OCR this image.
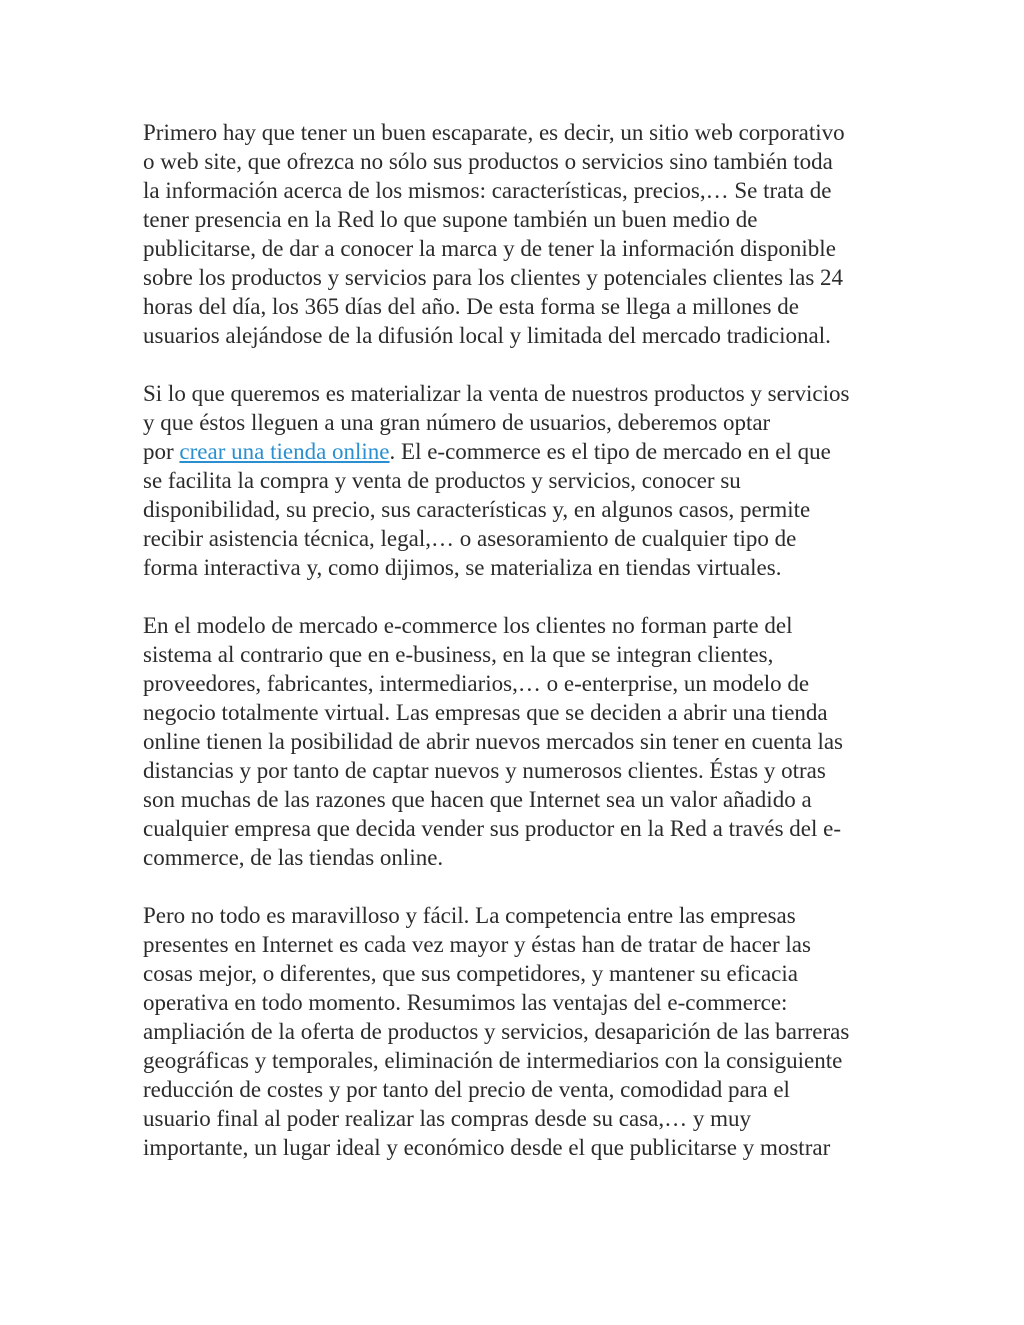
Primero hay que tener un buen escaparate, es decir, un sitio web corporativo
o web site, que ofrezca no sólo sus productos o servicios sino también toda
la información acerca de los mismos: características, precios,… Se trata de
tener presencia en la Red lo que supone también un buen medio de
publicitarse, de dar a conocer la marca y de tener la información disponible
sobre los productos y servicios para los clientes y potenciales clientes las 24
horas del día, los 365 días del año. De esta forma se llega a millones de
usuarios alejándose de la difusión local y limitada del mercado tradicional.
Si lo que queremos es materializar la venta de nuestros productos y servicios
y que éstos lleguen a una gran número de usuarios, deberemos optar
por crear una tienda online. El e-commerce es el tipo de mercado en el que
se facilita la compra y venta de productos y servicios, conocer su
disponibilidad, su precio, sus características y, en algunos casos, permite
recibir asistencia técnica, legal,… o asesoramiento de cualquier tipo de
forma interactiva y, como dijimos, se materializa en tiendas virtuales.
En el modelo de mercado e-commerce los clientes no forman parte del
sistema al contrario que en e-business, en la que se integran clientes,
proveedores, fabricantes, intermediarios,… o e-enterprise, un modelo de
negocio totalmente virtual. Las empresas que se deciden a abrir una tienda
online tienen la posibilidad de abrir nuevos mercados sin tener en cuenta las
distancias y por tanto de captar nuevos y numerosos clientes. Éstas y otras
son muchas de las razones que hacen que Internet sea un valor añadido a
cualquier empresa que decida vender sus productor en la Red a través del e-
commerce, de las tiendas online.
Pero no todo es maravilloso y fácil. La competencia entre las empresas
presentes en Internet es cada vez mayor y éstas han de tratar de hacer las
cosas mejor, o diferentes, que sus competidores, y mantener su eficacia
operativa en todo momento. Resumimos las ventajas del e-commerce:
ampliación de la oferta de productos y servicios, desaparición de las barreras
geográficas y temporales, eliminación de intermediarios con la consiguiente
reducción de costes y por tanto del precio de venta, comodidad para el
usuario final al poder realizar las compras desde su casa,… y muy
importante, un lugar ideal y económico desde el que publicitarse y mostrar
